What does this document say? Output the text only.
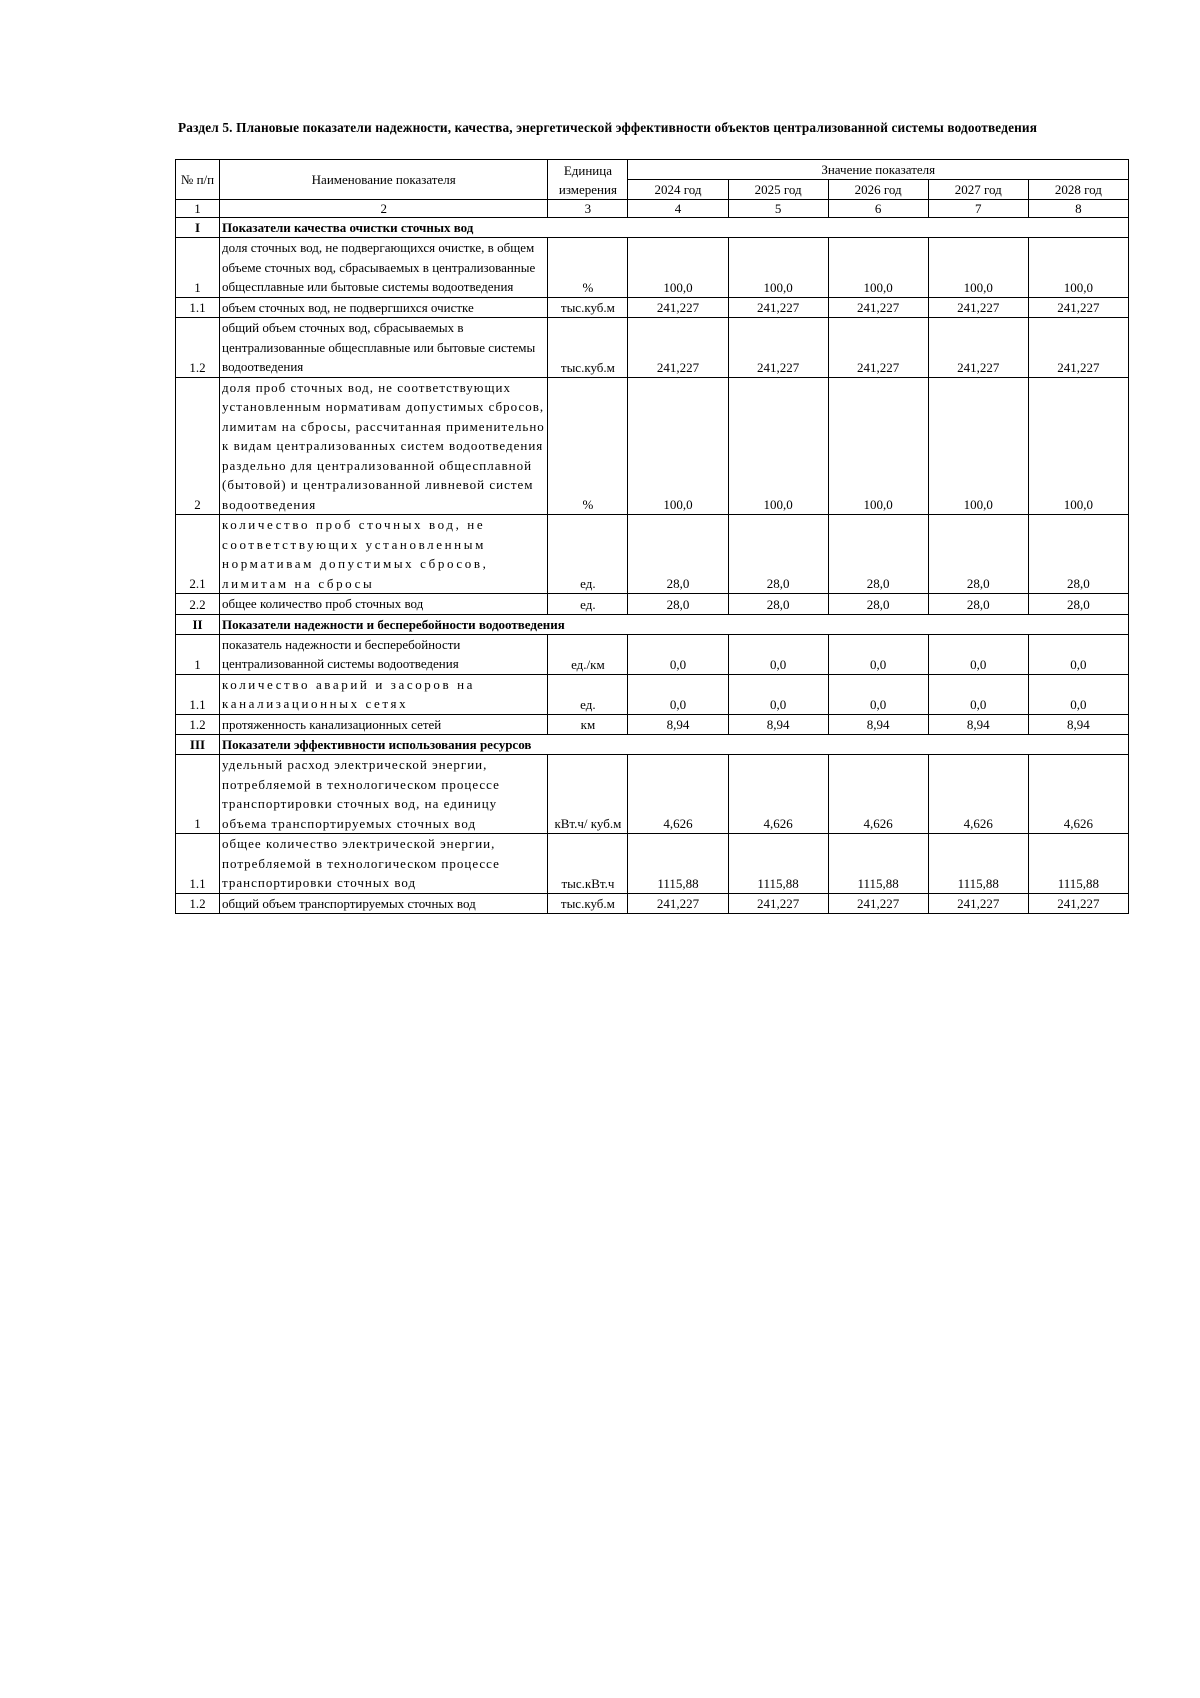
Раздел 5. Плановые показатели надежности, качества, энергетической эффективности объектов централизованной системы водоотведения
№ п/п	Наименование показателя	Единица измерения	Значение показателя				
			2024 год	2025 год	2026 год	2027 год	2028 год
1	2	3	4	5	6	7	8
I	Показатели качества очистки сточных вод						
1	доля сточных вод, не подвергающихся очистке, в общем объеме сточных вод, сбрасываемых в централизованные общесплавные или бытовые системы водоотведения	%	100,0	100,0	100,0	100,0	100,0
1.1	объем сточных вод, не подвергшихся очистке	тыс.куб.м	241,227	241,227	241,227	241,227	241,227
1.2	общий объем сточных вод, сбрасываемых в централизованные общесплавные или бытовые системы водоотведения	тыс.куб.м	241,227	241,227	241,227	241,227	241,227
2	доля проб сточных вод, не соответствующих установленным нормативам допустимых сбросов, лимитам на сбросы, рассчитанная применительно к видам централизованных систем водоотведения раздельно для централизованной общесплавной (бытовой) и централизованной ливневой систем водоотведения	%	100,0	100,0	100,0	100,0	100,0
2.1	количество проб сточных вод, не соответствующих установленным нормативам допустимых сбросов, лимитам на сбросы	ед.	28,0	28,0	28,0	28,0	28,0
2.2	общее количество проб сточных вод	ед.	28,0	28,0	28,0	28,0	28,0
II	Показатели надежности и бесперебойности водоотведения						
1	показатель надежности и бесперебойности централизованной системы водоотведения	ед./км	0,0	0,0	0,0	0,0	0,0
1.1	количество аварий и засоров на канализационных сетях	ед.	0,0	0,0	0,0	0,0	0,0
1.2	протяженность канализационных сетей	км	8,94	8,94	8,94	8,94	8,94
III	Показатели эффективности использования ресурсов						
1	удельный расход электрической энергии, потребляемой в технологическом процессе транспортировки сточных вод, на единицу объема транспортируемых сточных вод	кВт.ч/ куб.м	4,626	4,626	4,626	4,626	4,626
1.1	общее количество электрической энергии, потребляемой в технологическом процессе транспортировки сточных вод	тыс.кВт.ч	1115,88	1115,88	1115,88	1115,88	1115,88
1.2	общий объем транспортируемых сточных вод	тыс.куб.м	241,227	241,227	241,227	241,227	241,227
